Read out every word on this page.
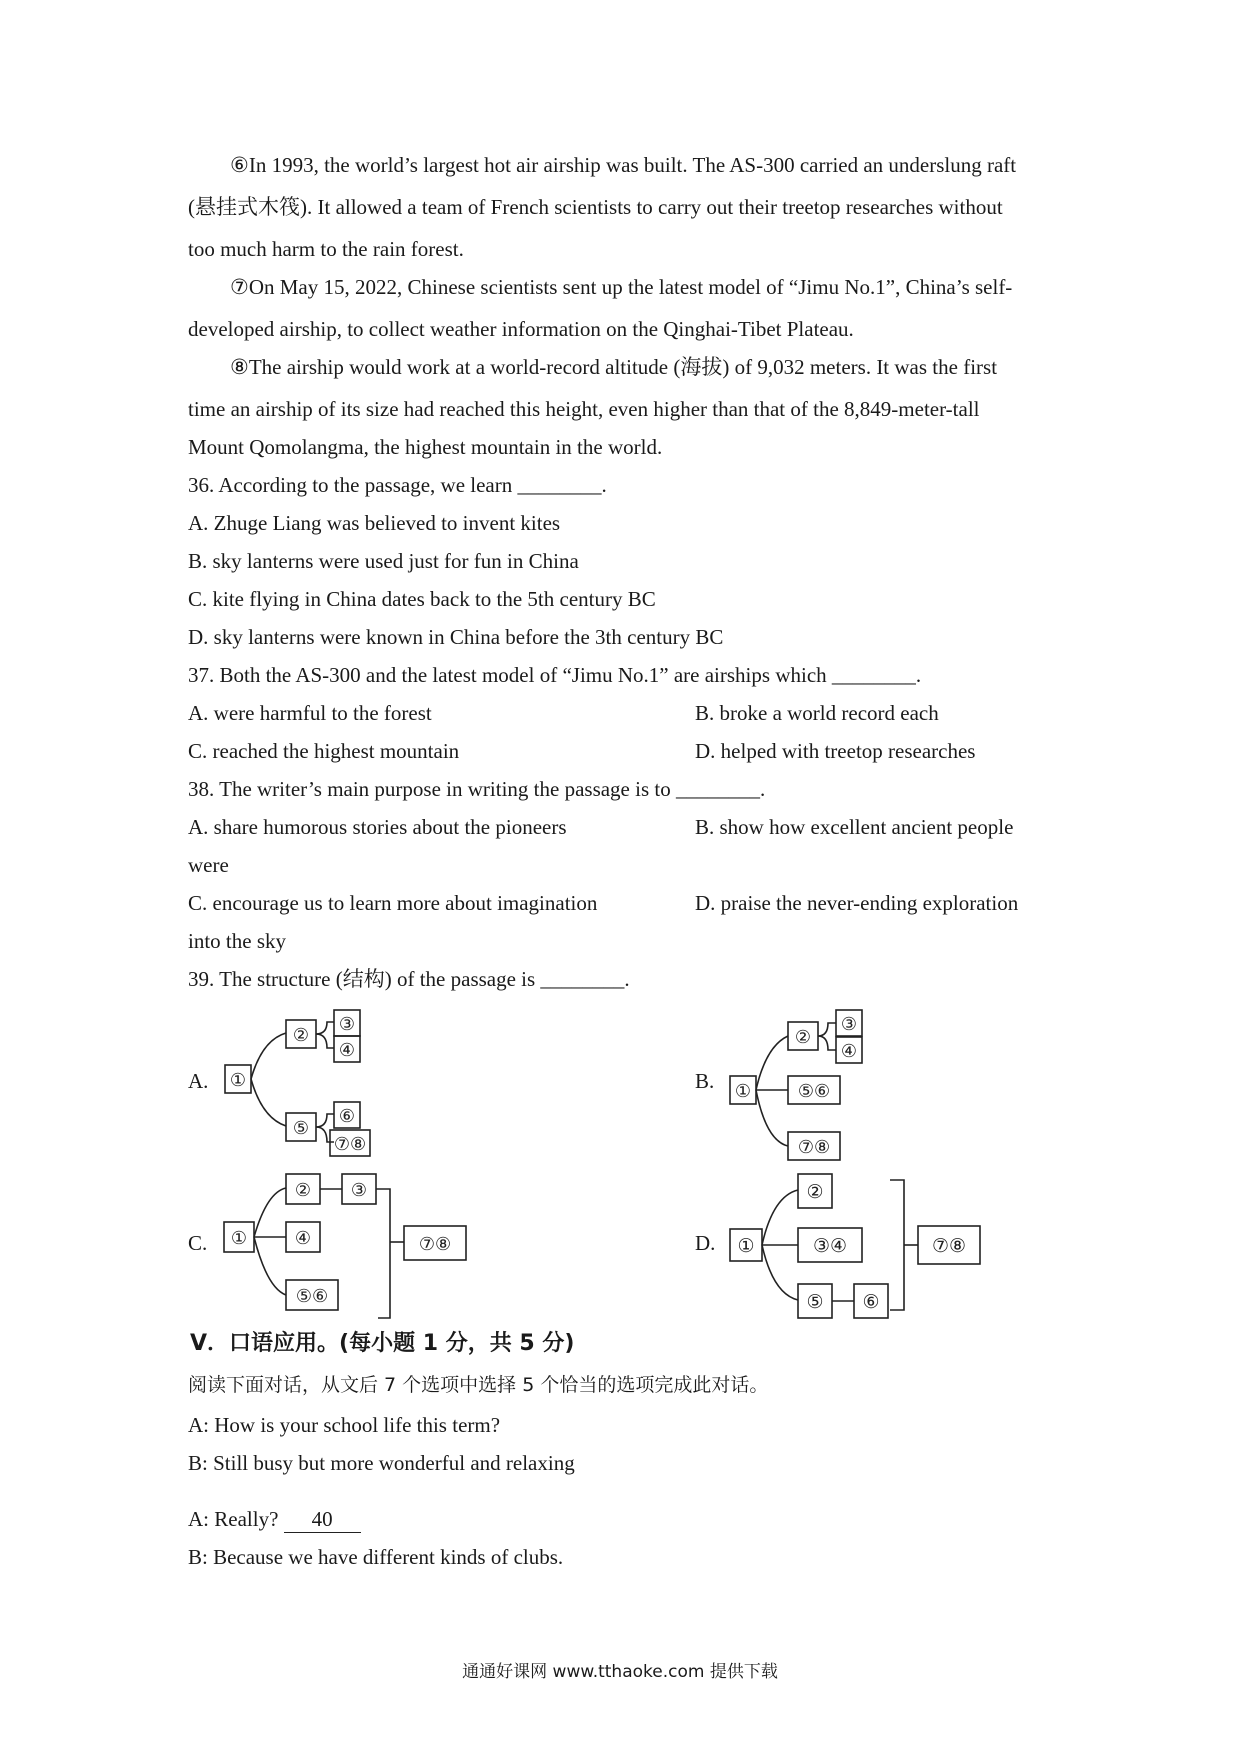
⑥In 1993, the world’s largest hot air airship was built. The AS-300 carried an underslung raft
(悬挂式木筏). It allowed a team of French scientists to carry out their treetop researches without
too much harm to the rain forest.
⑦On May 15, 2022, Chinese scientists sent up the latest model of “Jimu No.1”, China’s self-
developed airship, to collect weather information on the Qinghai-Tibet Plateau.
⑧The airship would work at a world-record altitude (海拔) of 9,032 meters. It was the first
time an airship of its size had reached this height, even higher than that of the 8,849-meter-tall
Mount Qomolangma, the highest mountain in the world.
36. According to the passage, we learn ________.
A. Zhuge Liang was believed to invent kites
B. sky lanterns were used just for fun in China
C. kite flying in China dates back to the 5th century BC
D. sky lanterns were known in China before the 3th century BC
37. Both the AS-300 and the latest model of “Jimu No.1” are airships which ________.
A. were harmful to the forest	B. broke a world record each
C. reached the highest mountain	D. helped with treetop researches
38. The writer’s main purpose in writing the passage is to ________.
A. share humorous stories about the pioneers	B. show how excellent ancient people
were
C. encourage us to learn more about imagination	D. praise the never-ending exploration
into the sky
39. The structure (结构) of the passage is ________.
A.	B.
C.	D.
①
②
③
④
⑤
⑥
⑦⑧
①
②
③
④
⑤⑥
⑦⑧
①
② ③
④
⑤⑥
⑦⑧	①
②
③④
⑤ ⑥
⑦⑧
V．口语应用。(每小题 1 分，共 5 分)
阅读下面对话，从文后 7 个选项中选择 5 个恰当的选项完成此对话。
A: How is your school life this term?
B: Still busy but more wonderful and relaxing
A: Really? 40
B: Because we have different kinds of clubs.
通通好课网 www.tthaoke.com 提供下载
